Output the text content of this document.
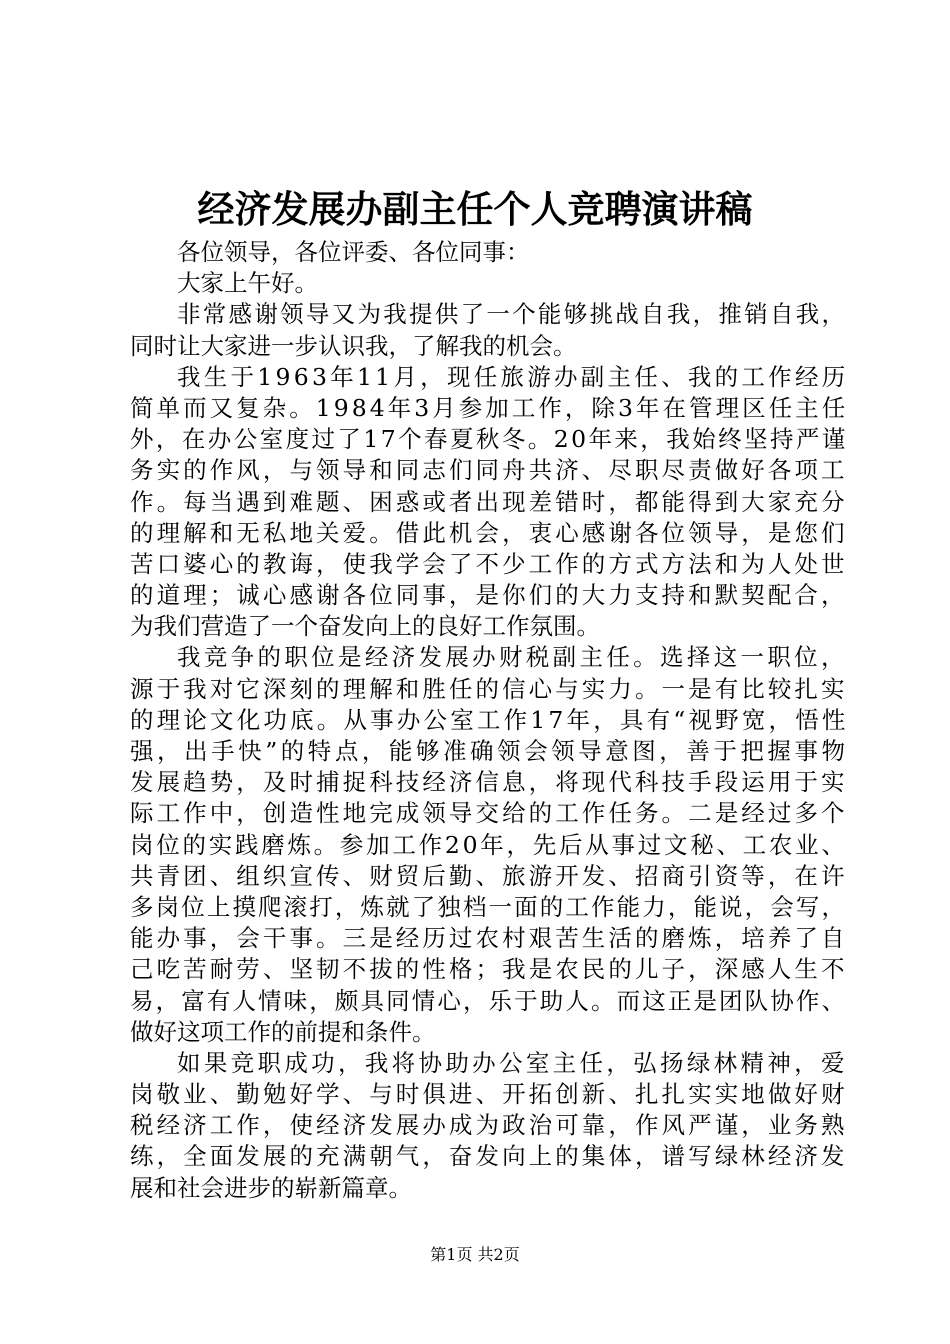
经济发展办副主任个人竞聘演讲稿
各位领导，各位评委、各位同事：
大家上午好。
非常感谢领导又为我提供了一个能够挑战自我，推销自我，
同时让大家进一步认识我，了解我的机会。
我生于1963年11月，现任旅游办副主任、我的工作经历
简单而又复杂。1984年3月参加工作，除3年在管理区任主任
外，在办公室度过了17个春夏秋冬。20年来，我始终坚持严谨
务实的作风，与领导和同志们同舟共济、尽职尽责做好各项工
作。每当遇到难题、困惑或者出现差错时，都能得到大家充分
的理解和无私地关爱。借此机会，衷心感谢各位领导，是您们
苦口婆心的教诲，使我学会了不少工作的方式方法和为人处世
的道理；诚心感谢各位同事，是你们的大力支持和默契配合，
为我们营造了一个奋发向上的良好工作氛围。
我竞争的职位是经济发展办财税副主任。选择这一职位，
源于我对它深刻的理解和胜任的信心与实力。一是有比较扎实
的理论文化功底。从事办公室工作17年，具有“视野宽，悟性
强，出手快”的特点，能够准确领会领导意图，善于把握事物
发展趋势，及时捕捉科技经济信息，将现代科技手段运用于实
际工作中，创造性地完成领导交给的工作任务。二是经过多个
岗位的实践磨炼。参加工作20年，先后从事过文秘、工农业、
共青团、组织宣传、财贸后勤、旅游开发、招商引资等，在许
多岗位上摸爬滚打，炼就了独档一面的工作能力，能说，会写，
能办事，会干事。三是经历过农村艰苦生活的磨炼，培养了自
己吃苦耐劳、坚韧不拔的性格；我是农民的儿子，深感人生不
易，富有人情味，颇具同情心，乐于助人。而这正是团队协作、
做好这项工作的前提和条件。
如果竞职成功，我将协助办公室主任，弘扬绿林精神，爱
岗敬业、勤勉好学、与时俱进、开拓创新、扎扎实实地做好财
税经济工作，使经济发展办成为政治可靠，作风严谨，业务熟
练，全面发展的充满朝气，奋发向上的集体，谱写绿林经济发
展和社会进步的崭新篇章。
第1页 共2页
